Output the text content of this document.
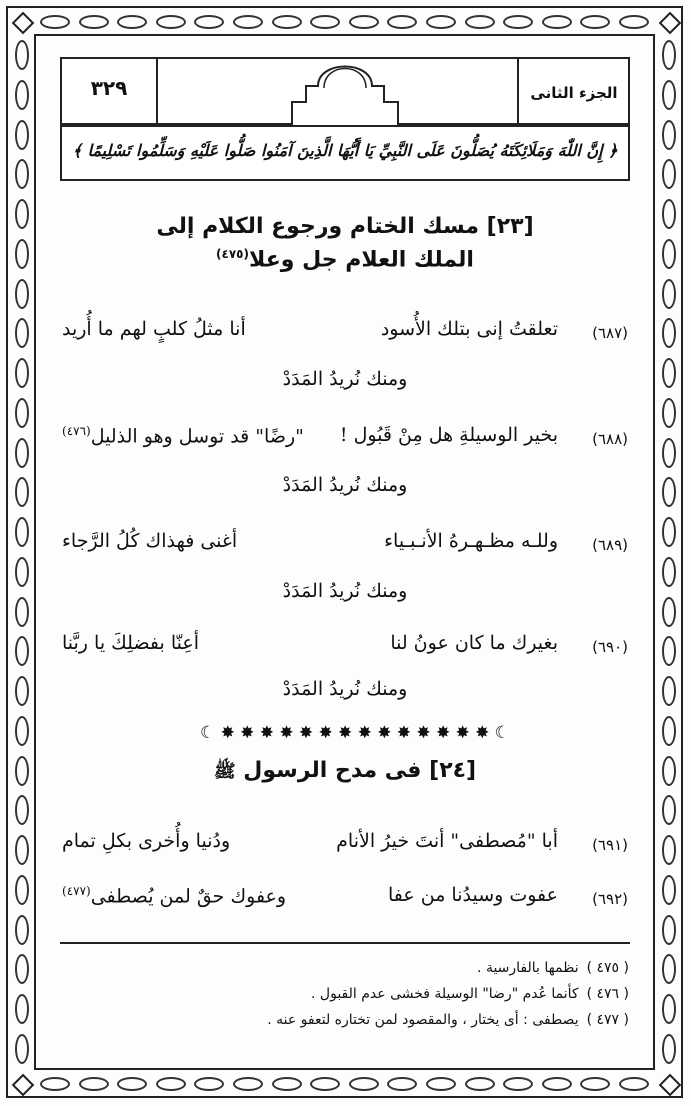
٣٢٩	الجزء الثانى
﴿ إِنَّ اللّٰهَ وَمَلَائِكَتَهُ يُصَلُّونَ عَلَى النَّبِيِّ يَا أَيُّهَا الَّذِينَ آمَنُوا صَلُّوا عَلَيْهِ وَسَلِّمُوا تَسْلِيمًا ﴾
[٢٣] مسك الختام ورجوع الكلام إلى
الملك العلام جل وعلا$^{(٤٧٥)}$
(٦٨٧)
تعلقتُ إنى بتلك الأُسود
أنا مثلُ كلبٍ لهم ما أُريد
ومنك نُريدُ المَدَدْ
(٦٨٨)
بخير الوسيلةِ هل مِنْ قَبُول !
"رضًا" قد توسل وهو الذليل$^{(٤٧٦)}$
ومنك نُريدُ المَدَدْ
(٦٨٩)
وللـه مظـهـرهُ الأنـبـياء
أغنى فهذاك كُلُ الرَّجاء
ومنك نُريدُ المَدَدْ
(٦٩٠)
بغيرك ما كان عونُ لنا
أعِنّا بفضلِكَ يا ربَّنا
ومنك نُريدُ المَدَدْ
☾ ✸ ✸ ✸ ✸ ✸ ✸ ✸ ✸ ✸ ✸ ✸ ✸ ✸ ✸ ☾
[٢٤] فى مدح الرسول ﷺ
(٦٩١)
أبا "مُصطفى" أنتَ خيرُ الأنام
ودُنيا وأُخرى بكلِ تمام
(٦٩٢)
عفوت وسيدُنا من عفا
وعفوك حقٌ لمن يُصطفى$^{(٤٧٧)}$
( ٤٧٥ )نظمها بالفارسية .
( ٤٧٦ )كأنما عُدم "رضا" الوسيلة فخشى عدم القبول .
( ٤٧٧ )يصطفى : أى يختار ، والمقصود لمن تختاره لتعفو عنه .
